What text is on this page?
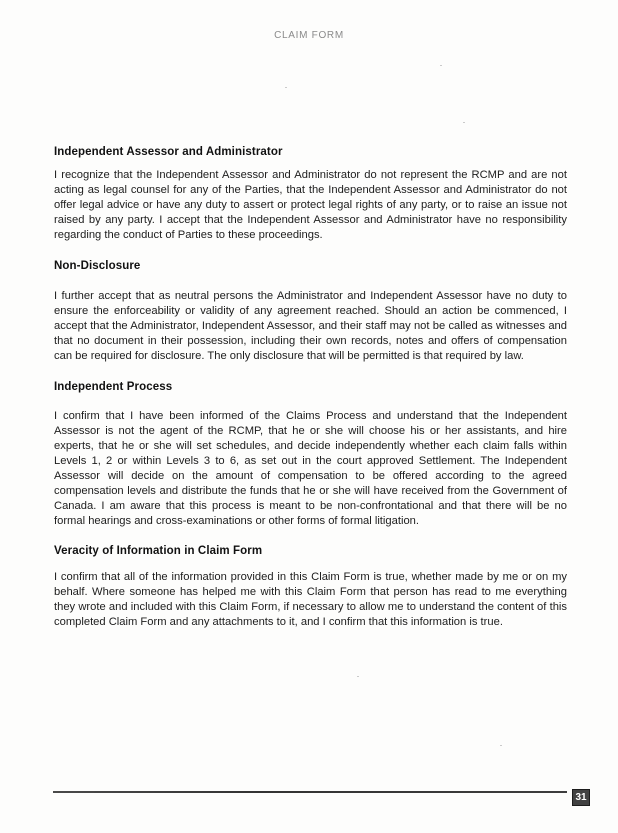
CLAIM FORM
Independent Assessor and Administrator
I recognize that the Independent Assessor and Administrator do not represent the RCMP and are not acting as legal counsel for any of the Parties, that the Independent Assessor and Administrator do not offer legal advice or have any duty to assert or protect legal rights of any party, or to raise an issue not raised by any party. I accept that the Independent Assessor and Administrator have no responsibility regarding the conduct of Parties to these proceedings.
Non-Disclosure
I further accept that as neutral persons the Administrator and Independent Assessor have no duty to ensure the enforceability or validity of any agreement reached. Should an action be commenced, I accept that the Administrator, Independent Assessor, and their staff may not be called as witnesses and that no document in their possession, including their own records, notes and offers of compensation can be required for disclosure. The only disclosure that will be permitted is that required by law.
Independent Process
I confirm that I have been informed of the Claims Process and understand that the Independent Assessor is not the agent of the RCMP, that he or she will choose his or her assistants, and hire experts, that he or she will set schedules, and decide independently whether each claim falls within Levels 1, 2 or within Levels 3 to 6, as set out in the court approved Settlement. The Independent Assessor will decide on the amount of compensation to be offered according to the agreed compensation levels and distribute the funds that he or she will have received from the Government of Canada. I am aware that this process is meant to be non-confrontational and that there will be no formal hearings and cross-examinations or other forms of formal litigation.
Veracity of Information in Claim Form
I confirm that all of the information provided in this Claim Form is true, whether made by me or on my behalf. Where someone has helped me with this Claim Form that person has read to me everything they wrote and included with this Claim Form, if necessary to allow me to understand the content of this completed Claim Form and any attachments to it, and I confirm that this information is true.
31
